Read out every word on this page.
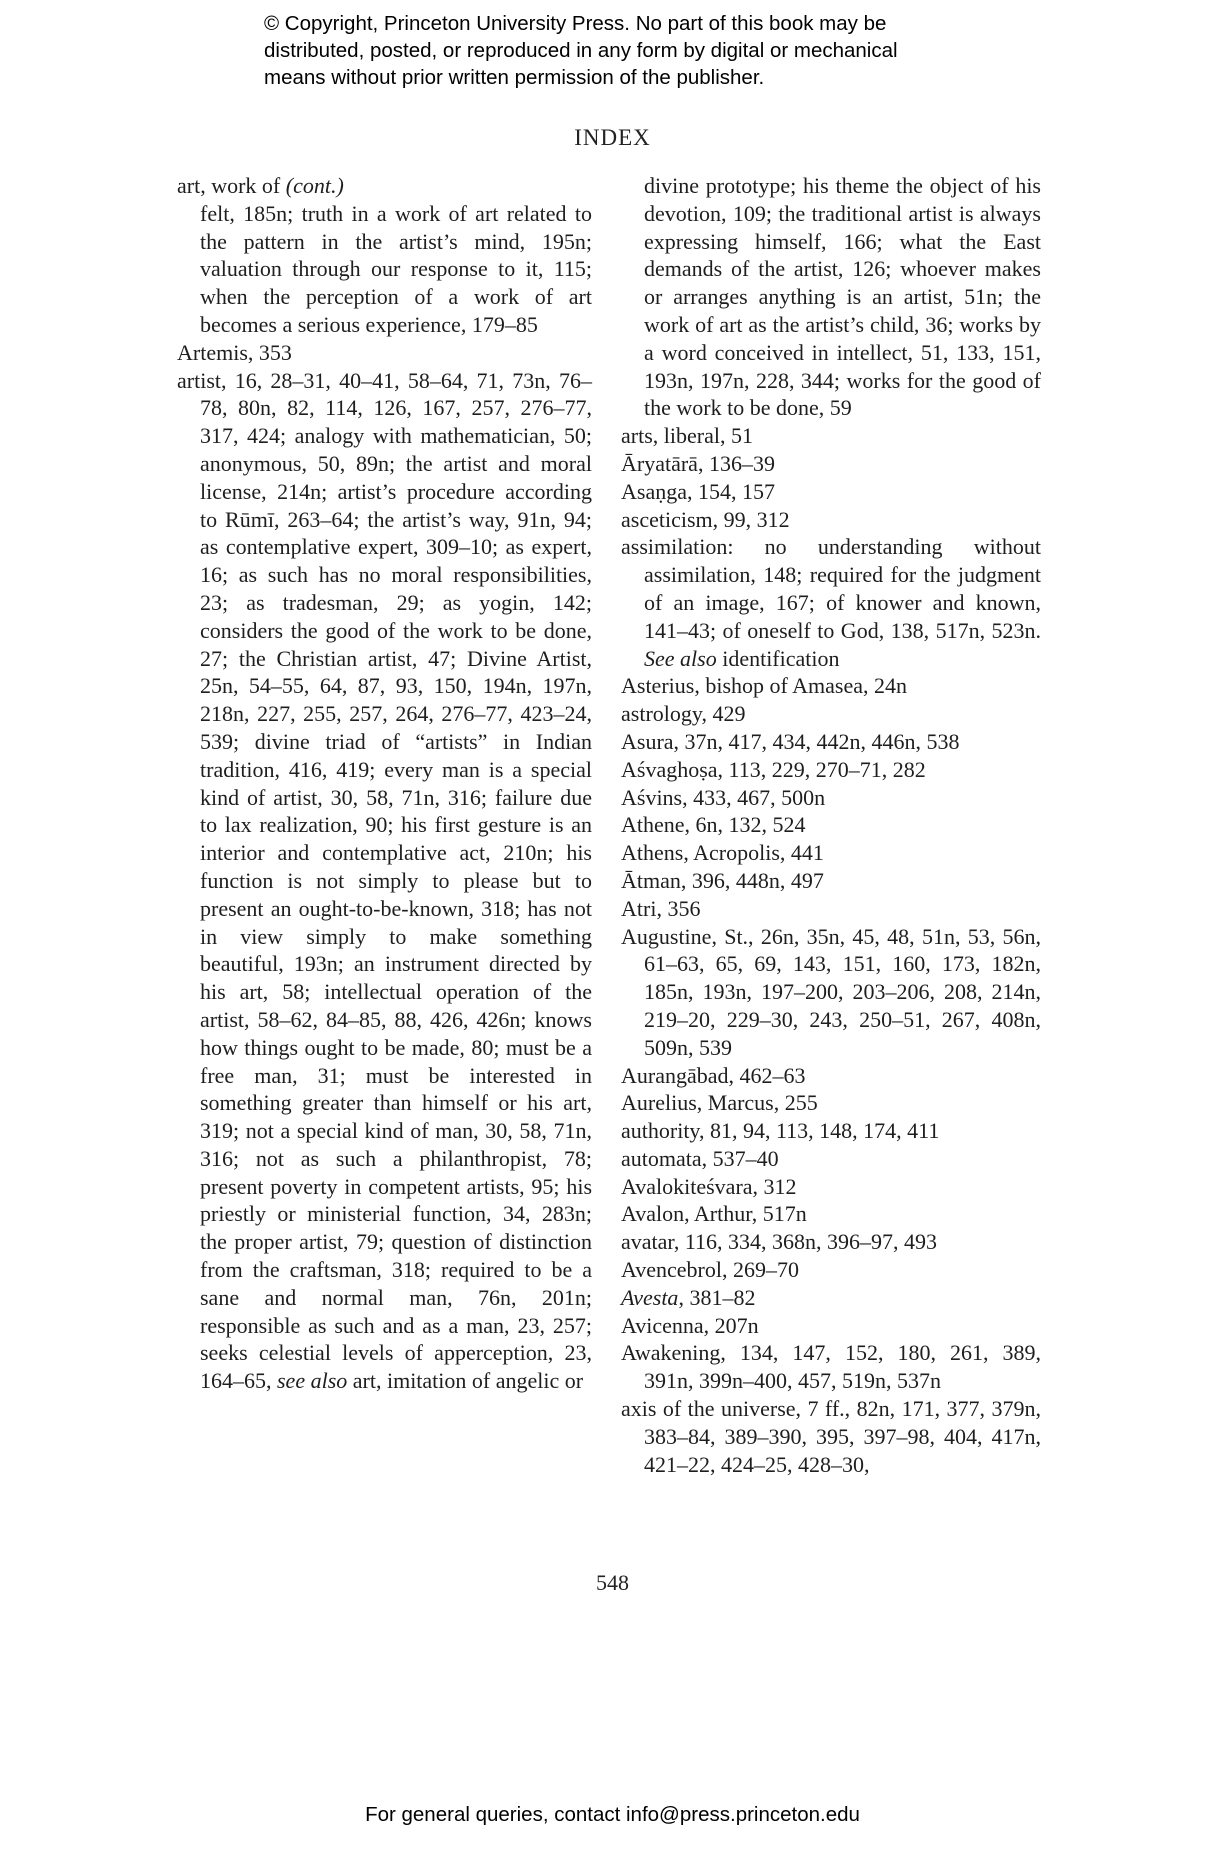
© Copyright, Princeton University Press. No part of this book may be
distributed, posted, or reproduced in any form by digital or mechanical
means without prior written permission of the publisher.
INDEX
art, work of (cont.)
felt, 185n; truth in a work of art related to the pattern in the artist’s mind, 195n; valuation through our response to it, 115; when the perception of a work of art becomes a serious experience, 179–85
Artemis, 353
artist, 16, 28–31, 40–41, 58–64, 71, 73n, 76–78, 80n, 82, 114, 126, 167, 257, 276–77, 317, 424; analogy with mathematician, 50; anonymous, 50, 89n; the artist and moral license, 214n; artist’s procedure according to Rūmī, 263–64; the artist’s way, 91n, 94; as contemplative expert, 309–10; as expert, 16; as such has no moral responsibilities, 23; as tradesman, 29; as yogin, 142; considers the good of the work to be done, 27; the Christian artist, 47; Divine Artist, 25n, 54–55, 64, 87, 93, 150, 194n, 197n, 218n, 227, 255, 257, 264, 276–77, 423–24, 539; divine triad of “artists” in Indian tradition, 416, 419; every man is a special kind of artist, 30, 58, 71n, 316; failure due to lax realization, 90; his first gesture is an interior and contemplative act, 210n; his function is not simply to please but to present an ought-to-be-known, 318; has not in view simply to make something beautiful, 193n; an instrument directed by his art, 58; intellectual operation of the artist, 58–62, 84–85, 88, 426, 426n; knows how things ought to be made, 80; must be a free man, 31; must be interested in something greater than himself or his art, 319; not a special kind of man, 30, 58, 71n, 316; not as such a philanthropist, 78; present poverty in competent artists, 95; his priestly or ministerial function, 34, 283n; the proper artist, 79; question of distinction from the craftsman, 318; required to be a sane and normal man, 76n, 201n; responsible as such and as a man, 23, 257; seeks celestial levels of apperception, 23, 164–65, see also art, imitation of angelic or
divine prototype; his theme the object of his devotion, 109; the traditional artist is always expressing himself, 166; what the East demands of the artist, 126; whoever makes or arranges anything is an artist, 51n; the work of art as the artist’s child, 36; works by a word conceived in intellect, 51, 133, 151, 193n, 197n, 228, 344; works for the good of the work to be done, 59
arts, liberal, 51
Āryatārā, 136–39
Asaṇga, 154, 157
asceticism, 99, 312
assimilation: no understanding without assimilation, 148; required for the judgment of an image, 167; of knower and known, 141–43; of oneself to God, 138, 517n, 523n. See also identification
Asterius, bishop of Amasea, 24n
astrology, 429
Asura, 37n, 417, 434, 442n, 446n, 538
Aśvaghoṣa, 113, 229, 270–71, 282
Aśvins, 433, 467, 500n
Athene, 6n, 132, 524
Athens, Acropolis, 441
Ātman, 396, 448n, 497
Atri, 356
Augustine, St., 26n, 35n, 45, 48, 51n, 53, 56n, 61–63, 65, 69, 143, 151, 160, 173, 182n, 185n, 193n, 197–200, 203–206, 208, 214n, 219–20, 229–30, 243, 250–51, 267, 408n, 509n, 539
Aurangābad, 462–63
Aurelius, Marcus, 255
authority, 81, 94, 113, 148, 174, 411
automata, 537–40
Avalokiteśvara, 312
Avalon, Arthur, 517n
avatar, 116, 334, 368n, 396–97, 493
Avencebrol, 269–70
Avesta, 381–82
Avicenna, 207n
Awakening, 134, 147, 152, 180, 261, 389, 391n, 399n–400, 457, 519n, 537n
axis of the universe, 7 ff., 82n, 171, 377, 379n, 383–84, 389–390, 395, 397–98, 404, 417n, 421–22, 424–25, 428–30,
548
For general queries, contact info@press.princeton.edu
